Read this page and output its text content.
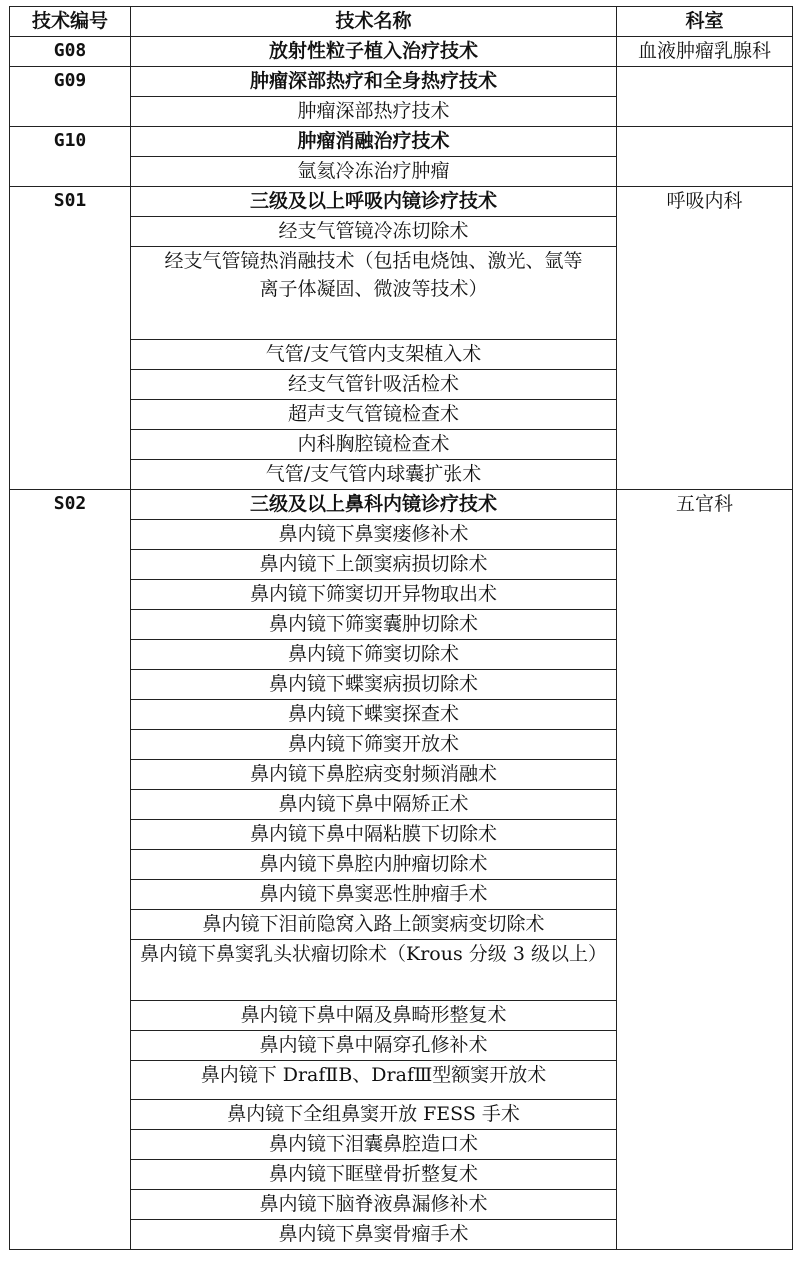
技术编号	技术名称	科室
G08	放射性粒子植入治疗技术	血液肿瘤乳腺科
G09	肿瘤深部热疗和全身热疗技术	
	肿瘤深部热疗技术	
G10	肿瘤消融治疗技术	
	氩氦冷冻治疗肿瘤	
S01	三级及以上呼吸内镜诊疗技术	呼吸内科
	经支气管镜冷冻切除术	
	经支气管镜热消融技术（包括电烧蚀、激光、氩等
离子体凝固、微波等技术）	
	气管/支气管内支架植入术	
	经支气管针吸活检术	
	超声支气管镜检查术	
	内科胸腔镜检查术	
	气管/支气管内球囊扩张术	
S02	三级及以上鼻科内镜诊疗技术	五官科
	鼻内镜下鼻窦瘘修补术	
	鼻内镜下上颌窦病损切除术	
	鼻内镜下筛窦切开异物取出术	
	鼻内镜下筛窦囊肿切除术	
	鼻内镜下筛窦切除术	
	鼻内镜下蝶窦病损切除术	
	鼻内镜下蝶窦探查术	
	鼻内镜下筛窦开放术	
	鼻内镜下鼻腔病变射频消融术	
	鼻内镜下鼻中隔矫正术	
	鼻内镜下鼻中隔粘膜下切除术	
	鼻内镜下鼻腔内肿瘤切除术	
	鼻内镜下鼻窦恶性肿瘤手术	
	鼻内镜下泪前隐窝入路上颌窦病变切除术	
	鼻内镜下鼻窦乳头状瘤切除术（Krous 分级 3 级以上）	
	鼻内镜下鼻中隔及鼻畸形整复术	
	鼻内镜下鼻中隔穿孔修补术	
	鼻内镜下 DrafⅡB、DrafⅢ型额窦开放术	
	鼻内镜下全组鼻窦开放 FESS 手术	
	鼻内镜下泪囊鼻腔造口术	
	鼻内镜下眶壁骨折整复术	
	鼻内镜下脑脊液鼻漏修补术	
	鼻内镜下鼻窦骨瘤手术	
